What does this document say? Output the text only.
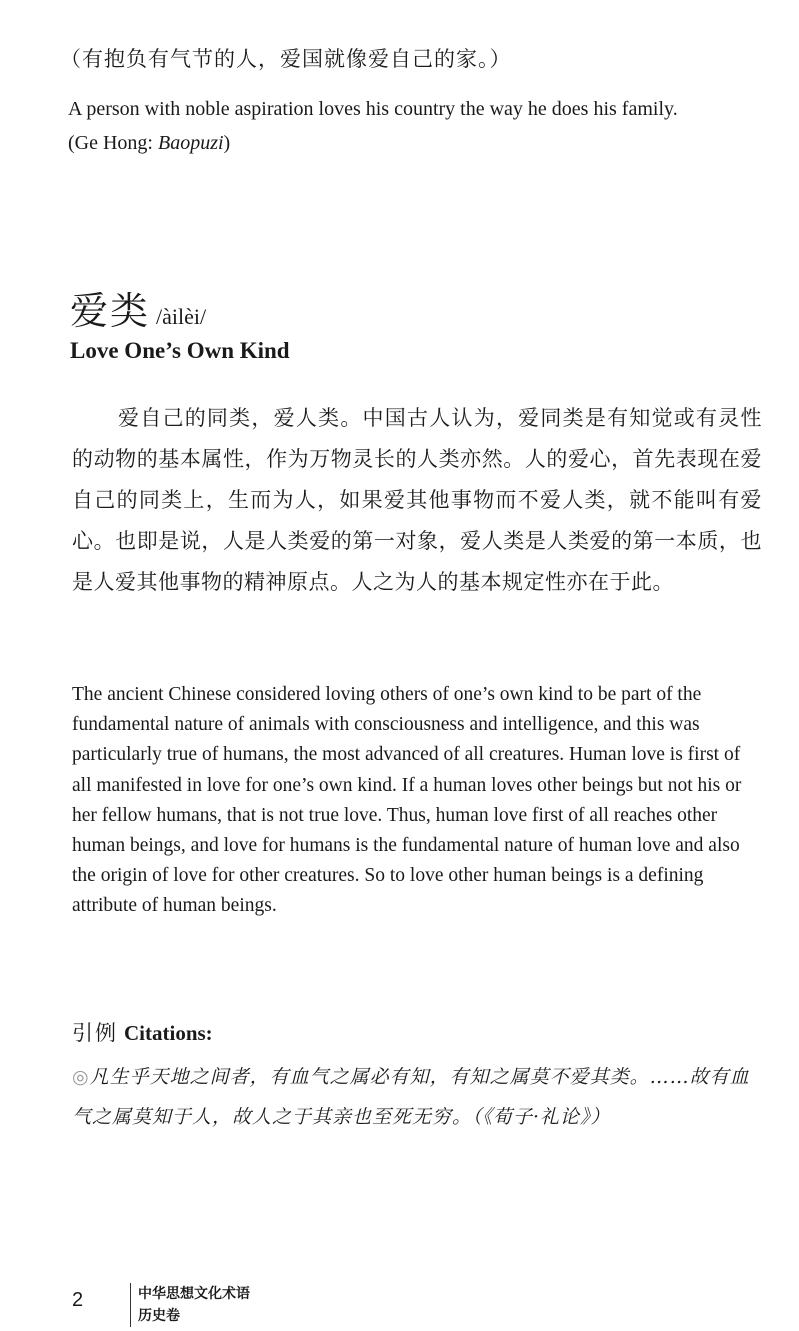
（有抱负有气节的人，爱国就像爱自己的家。）
A person with noble aspiration loves his country the way he does his family.
(Ge Hong: Baopuzi)
爱类 /àilèi/
Love One’s Own Kind
爱自己的同类，爱人类。中国古人认为，爱同类是有知觉或有灵性的动物的基本属性，作为万物灵长的人类亦然。人的爱心，首先表现在爱自己的同类上，生而为人，如果爱其他事物而不爱人类，就不能叫有爱心。也即是说，人是人类爱的第一对象，爱人类是人类爱的第一本质，也是人爱其他事物的精神原点。人之为人的基本规定性亦在于此。
The ancient Chinese considered loving others of one’s own kind to be part of the fundamental nature of animals with consciousness and intelligence, and this was particularly true of humans, the most advanced of all creatures. Human love is first of all manifested in love for one’s own kind. If a human loves other beings but not his or her fellow humans, that is not true love. Thus, human love first of all reaches other human beings, and love for humans is the fundamental nature of human love and also the origin of love for other creatures. So to love other human beings is a defining attribute of human beings.
引例 Citations:
◎凡生乎天地之间者，有血气之属必有知，有知之属莫不爱其类。……故有血气之属莫知于人，故人之于其亲也至死无穷。（《荀子·礼论》）
2	中华思想文化术语
历史卷
